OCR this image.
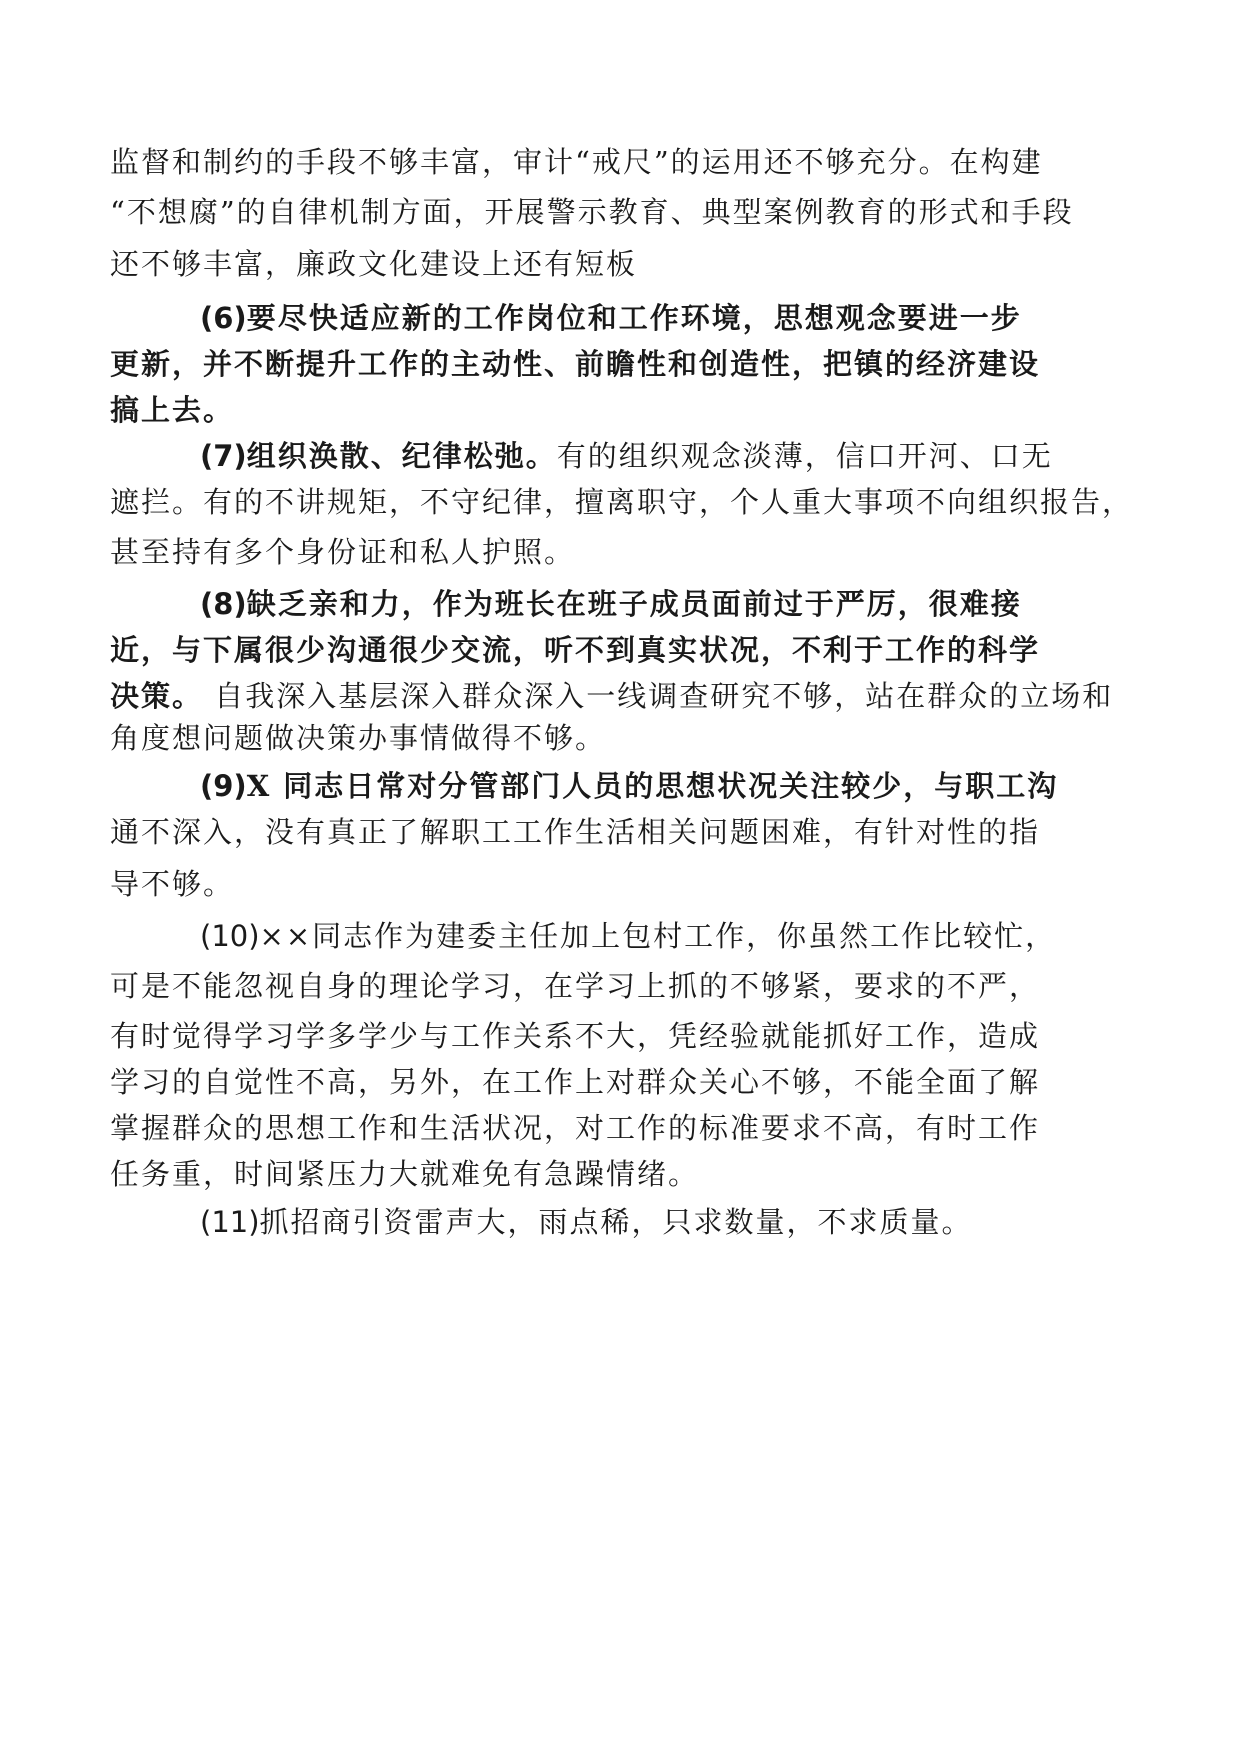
监督和制约的手段不够丰富，审计“戒尺”的运用还不够充分。在构建
“不想腐”的自律机制方面，开展警示教育、典型案例教育的形式和手段
还不够丰富，廉政文化建设上还有短板
(6)要尽快适应新的工作岗位和工作环境，思想观念要进一步
更新，并不断提升工作的主动性、前瞻性和创造性，把镇的经济建设
搞上去。
(7)组织涣散、纪律松弛。有的组织观念淡薄，信口开河、口无
遮拦。有的不讲规矩，不守纪律，擅离职守，个人重大事项不向组织报告，
甚至持有多个身份证和私人护照。
(8)缺乏亲和力，作为班长在班子成员面前过于严厉，很难接
近，与下属很少沟通很少交流，听不到真实状况，不利于工作的科学
决策。 自我深入基层深入群众深入一线调查研究不够，站在群众的立场和
角度想问题做决策办事情做得不够。
(9)X 同志日常对分管部门人员的思想状况关注较少，与职工沟
通不深入，没有真正了解职工工作生活相关问题困难，有针对性的指
导不够。
(10)××同志作为建委主任加上包村工作，你虽然工作比较忙，
可是不能忽视自身的理论学习，在学习上抓的不够紧，要求的不严，
有时觉得学习学多学少与工作关系不大，凭经验就能抓好工作，造成
学习的自觉性不高，另外，在工作上对群众关心不够，不能全面了解
掌握群众的思想工作和生活状况，对工作的标准要求不高，有时工作
任务重，时间紧压力大就难免有急躁情绪。
(11)抓招商引资雷声大，雨点稀，只求数量，不求质量。
